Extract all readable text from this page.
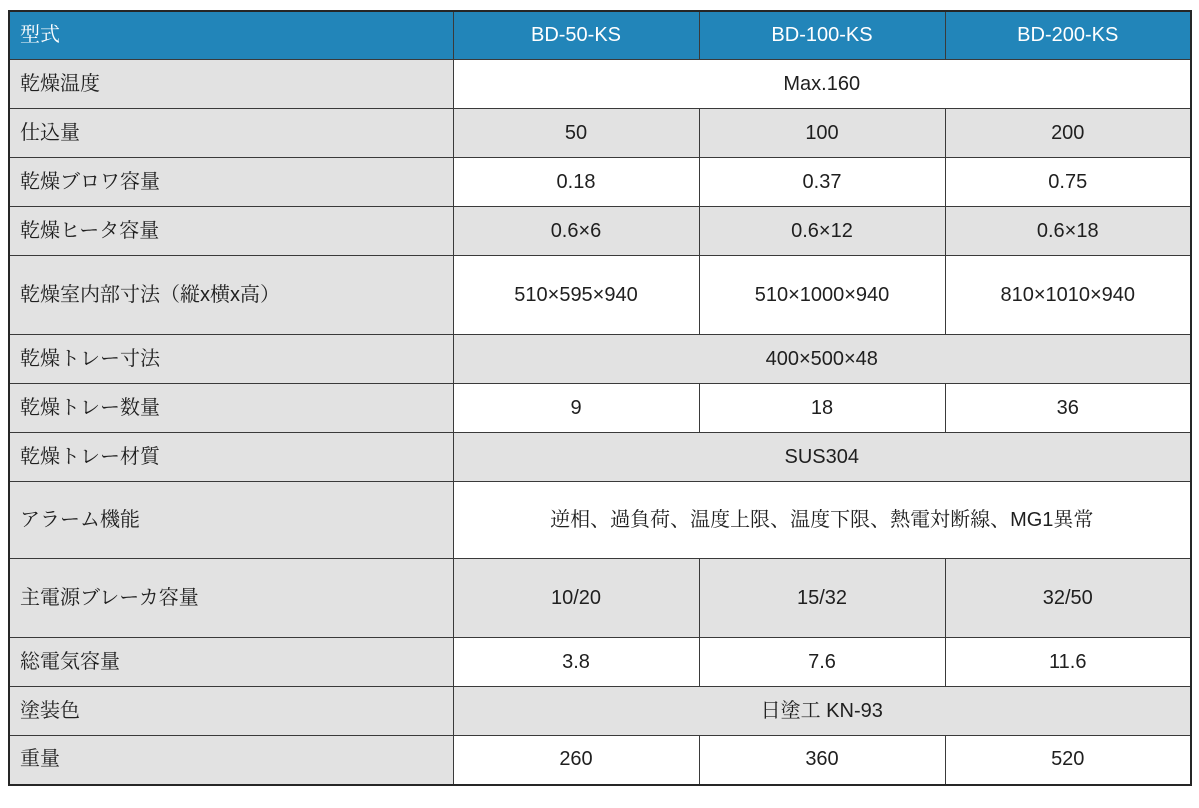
型式	BD-50-KS	BD-100-KS	BD-200-KS
乾燥温度	Max.160		
仕込量	50	100	200
乾燥ブロワ容量	0.18	0.37	0.75
乾燥ヒータ容量	0.6×6	0.6×12	0.6×18
乾燥室内部寸法（縦x横x高）	510×595×940	510×1000×940	810×1010×940
乾燥トレー寸法	400×500×48		
乾燥トレー数量	9	18	36
乾燥トレー材質	SUS304		
アラーム機能	逆相、過負荷、温度上限、温度下限、熱電対断線、MG1異常		
主電源ブレーカ容量	10/20	15/32	32/50
総電気容量	3.8	7.6	11.6
塗装色	日塗工 KN-93		
重量	260	360	520
